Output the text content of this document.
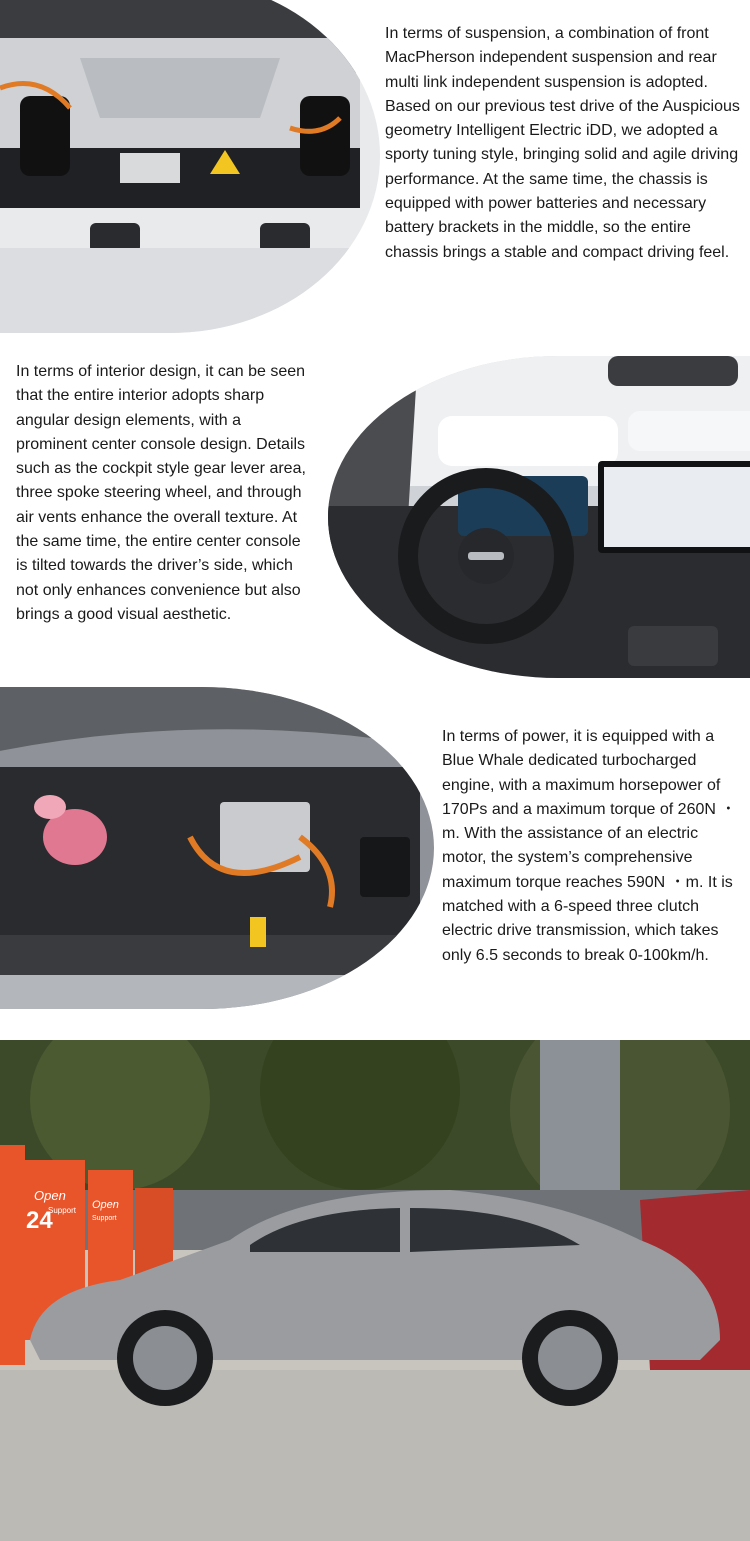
In terms of suspension, a combination of front MacPherson independent suspension and rear multi link independent suspension is adopted. Based on our previous test drive of the Auspicious geometry Intelligent Electric iDD, we adopted a sporty tuning style, bringing solid and agile driving performance. At the same time, the chassis is equipped with power batteries and necessary battery brackets in the middle, so the entire chassis brings a stable and compact driving feel.
In terms of interior design, it can be seen that the entire interior adopts sharp angular design elements, with a prominent center console design. Details such as the cockpit style gear lever area, three spoke steering wheel, and through air vents enhance the overall texture. At the same time, the entire center console is tilted towards the driver’s side, which not only enhances convenience but also brings a good visual aesthetic.
In terms of power, it is equipped with a Blue Whale dedicated turbocharged engine, with a maximum horsepower of 170Ps and a maximum torque of 260N ・m. With the assistance of an electric motor, the system’s comprehensive maximum torque reaches 590N ・m. It is matched with a 6-speed three clutch electric drive transmission, which takes only 6.5 seconds to break 0-100km/h.
Open
24
Support Open
Support
